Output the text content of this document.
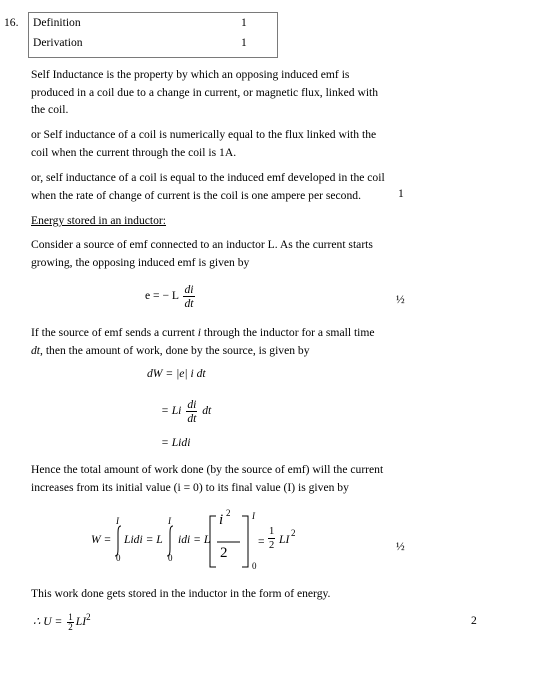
16. Definition	1
Derivation	1
Self Inductance is the property by which an opposing induced emf is
produced in a coil due to a change in current, or magnetic flux, linked with
the coil.
or Self inductance of a coil is numerically equal to the flux linked with the
coil when the current through the coil is 1A.
or, self inductance of a coil is equal to the induced emf developed in the coil
when the rate of change of current is the coil is one ampere per second.	1
Energy stored in an inductor:
Consider a source of emf connected to an inductor L. As the current starts
growing, the opposing induced emf is given by
e = − L $\frac{di}{dt}$	½
If the source of emf sends a current i through the inductor for a small time
dt, then the amount of work, done by the source, is given by
dW = |e| i dt
= Li $\frac{di}{dt}$ dt
= Lidi
Hence the total amount of work done (by the source of emf) will the current
increases from its initial value (i = 0) to its final value (I) is given by
W =
I
0
Lidi = L
I
0
idi = L
i 2
2
I
0
= $\frac{1}{2}$ LI 2
½
This work done gets stored in the inductor in the form of energy.
∴ $U = \frac{1}{2} LI^2$	2
